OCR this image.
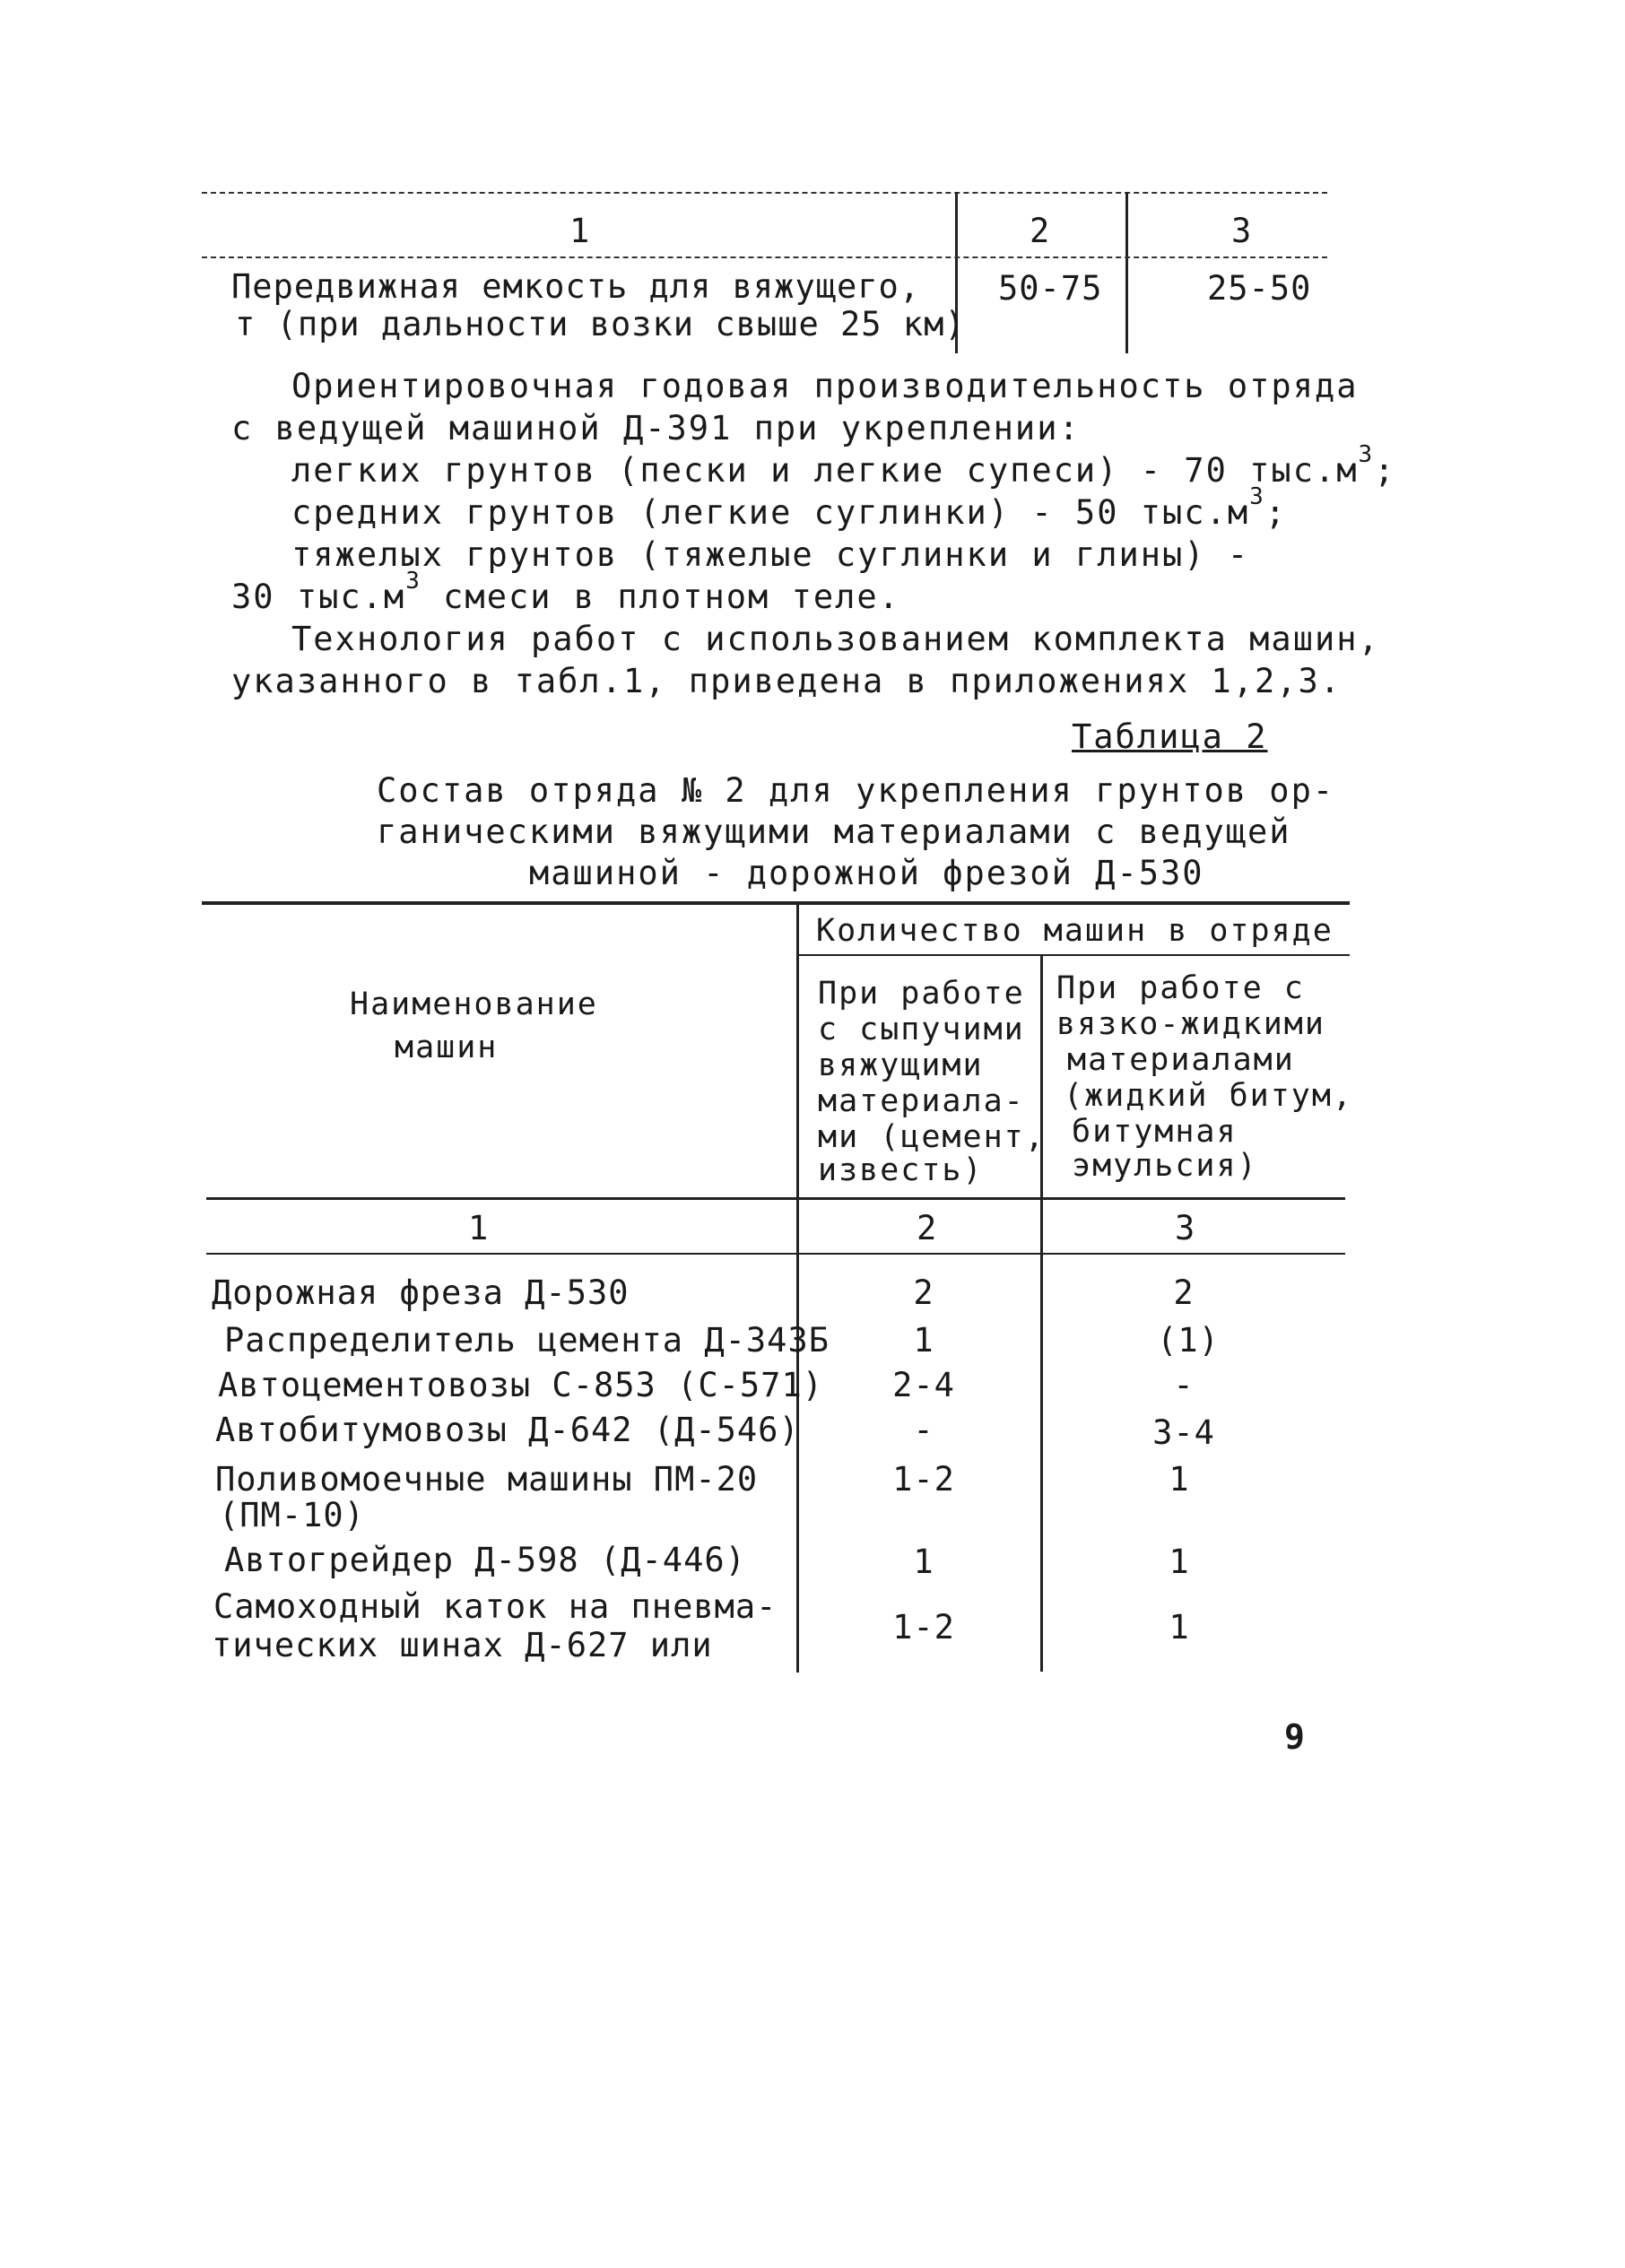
1	2	3
Передвижная емкость для вяжущего,
т (при дальности возки свыше 25 км)
50-75	25-50
Ориентировочная годовая производительность отряда
с ведущей машиной Д-391 при укреплении:
легких грунтов (пески и легкие супеси) - 70 $тыс.м^3$;
средних грунтов (легкие суглинки) - 50 $тыс.м^3$;
тяжелых грунтов (тяжелые суглинки и глины) -
30 $тыс.м^3$ смеси в плотном теле.
Технология работ с использованием комплекта машин,
указанного в табл.1, приведена в приложениях 1,2,3.
Таблица 2
Состав отряда № 2 для укрепления грунтов ор-
ганическими вяжущими материалами с ведущей
машиной - дорожной фрезой Д-530
Наименование
машин
Количество машин в отряде
При работе
с сыпучими
вяжущими
материала-
ми (цемент,
известь)
При работе с
вязко-жидкими
материалами
(жидкий битум,
битумная
эмульсия)
1	2	3
Дорожная фреза Д-530	2	2
Распределитель цемента Д-343Б	1	(1)
Автоцементовозы С-853 (С-571) 2-4	-
Автобитумовозы Д-642 (Д-546)	-	3-4
Поливомоечные машины ПМ-20
(ПМ-10)
1-2	1
Автогрейдер Д-598 (Д-446)	1	1
Самоходный каток на пневма-
тических шинах Д-627 или	1-2	1
9
